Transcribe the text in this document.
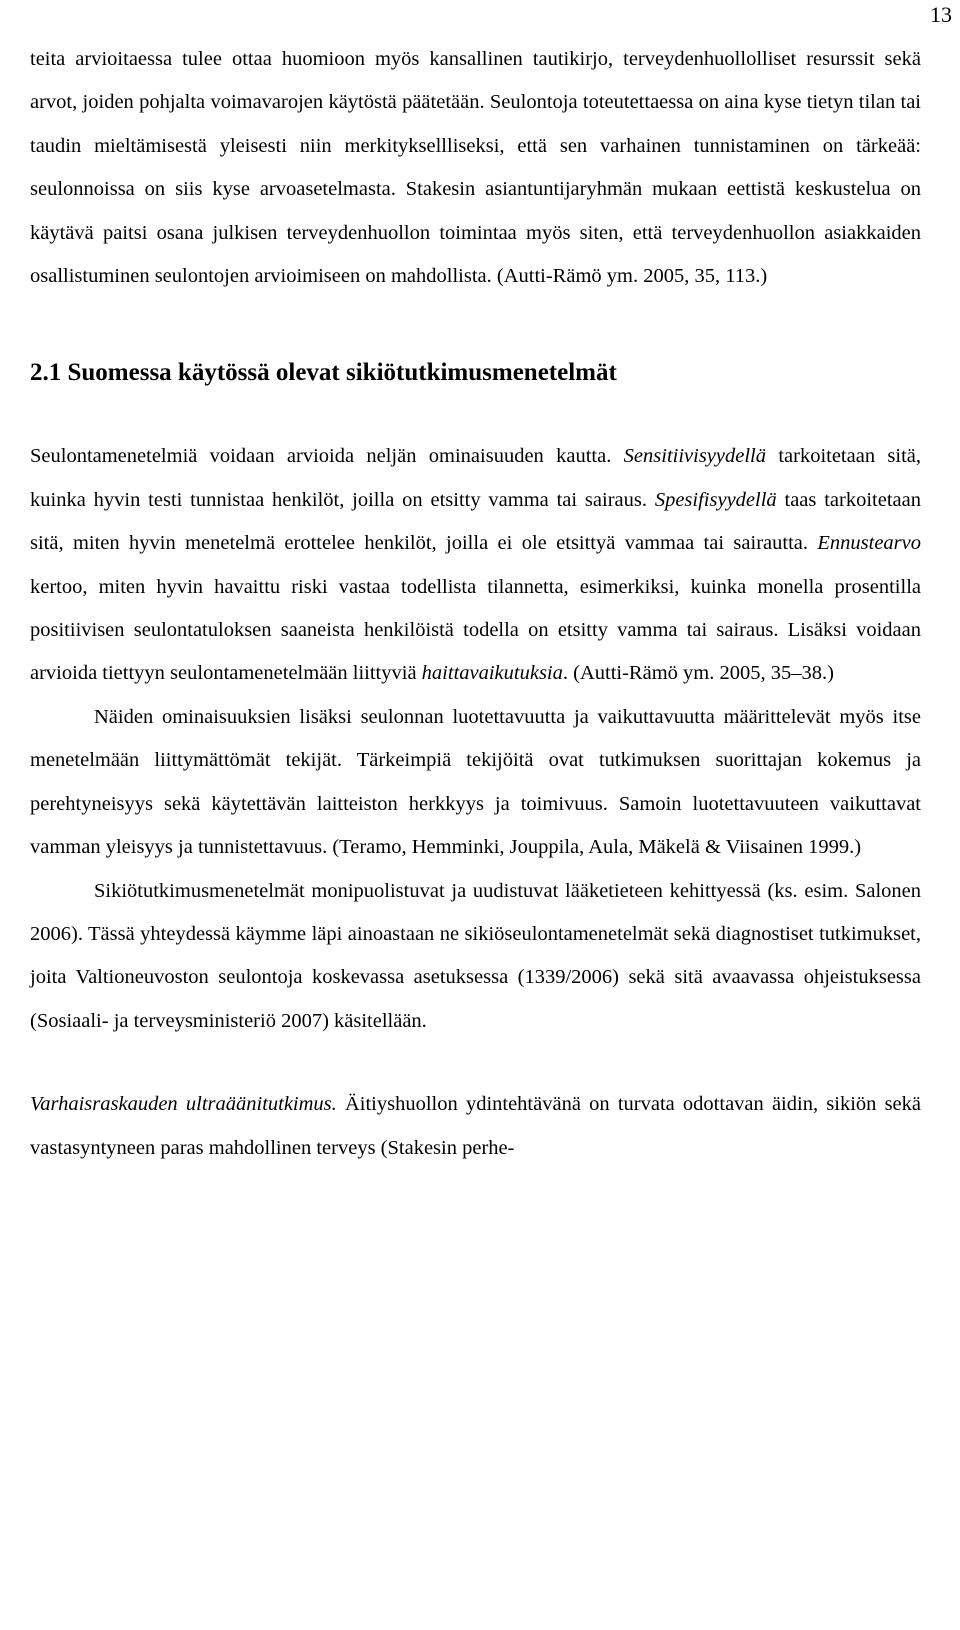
13

teita arvioitaessa tulee ottaa huomioon myös kansallinen tautikirjo, terveydenhuollolliset resurssit sekä arvot, joiden pohjalta voimavarojen käytöstä päätetään. Seulontoja toteutettaessa on aina kyse tietyn tilan tai taudin mieltämisestä yleisesti niin merkityksellliseksi, että sen varhainen tunnistaminen on tärkeää: seulonnoissa on siis kyse arvoasetelmasta. Stakesin asiantuntijaryhmän mukaan eettistä keskustelua on käytävä paitsi osana julkisen terveydenhuollon toimintaa myös siten, että terveydenhuollon asiakkaiden osallistuminen seulontojen arvioimiseen on mahdollista. (Autti-Rämö ym. 2005, 35, 113.)

2.1 Suomessa käytössä olevat sikiötutkimusmenetelmät

Seulontamenetelmiä voidaan arvioida neljän ominaisuuden kautta. Sensitiivisyydellä tarkoitetaan sitä, kuinka hyvin testi tunnistaa henkilöt, joilla on etsitty vamma tai sairaus. Spesifisyydellä taas tarkoitetaan sitä, miten hyvin menetelmä erottelee henkilöt, joilla ei ole etsittyä vammaa tai sairautta. Ennustearvo kertoo, miten hyvin havaittu riski vastaa todellista tilannetta, esimerkiksi, kuinka monella prosentilla positiivisen seulontatuloksen saaneista henkilöistä todella on etsitty vamma tai sairaus. Lisäksi voidaan arvioida tiettyyn seulontamenetelmään liittyviä haittavaikutuksia. (Autti-Rämö ym. 2005, 35–38.)

Näiden ominaisuuksien lisäksi seulonnan luotettavuutta ja vaikuttavuutta määrittelevät myös itse menetelmään liittymättömät tekijät. Tärkeimpiä tekijöitä ovat tutkimuksen suorittajan kokemus ja perehtyneisyys sekä käytettävän laitteiston herkkyys ja toimivuus. Samoin luotettavuuteen vaikuttavat vamman yleisyys ja tunnistettavuus. (Teramo, Hemminki, Jouppila, Aula, Mäkelä & Viisainen 1999.)

Sikiötutkimusmenetelmät monipuolistuvat ja uudistuvat lääketieteen kehittyessä (ks. esim. Salonen 2006). Tässä yhteydessä käymme läpi ainoastaan ne sikiöseulontamenetelmät sekä diagnostiset tutkimukset, joita Valtioneuvoston seulontoja koskevassa asetuksessa (1339/2006) sekä sitä avaavassa ohjeistuksessa (Sosiaali- ja terveysministeriö 2007) käsitellään.

Varhaisraskauden ultraäänitutkimus. Äitiyshuollon ydintehtävänä on turvata odottavan äidin, sikiön sekä vastasyntyneen paras mahdollinen terveys (Stakesin perhe-
